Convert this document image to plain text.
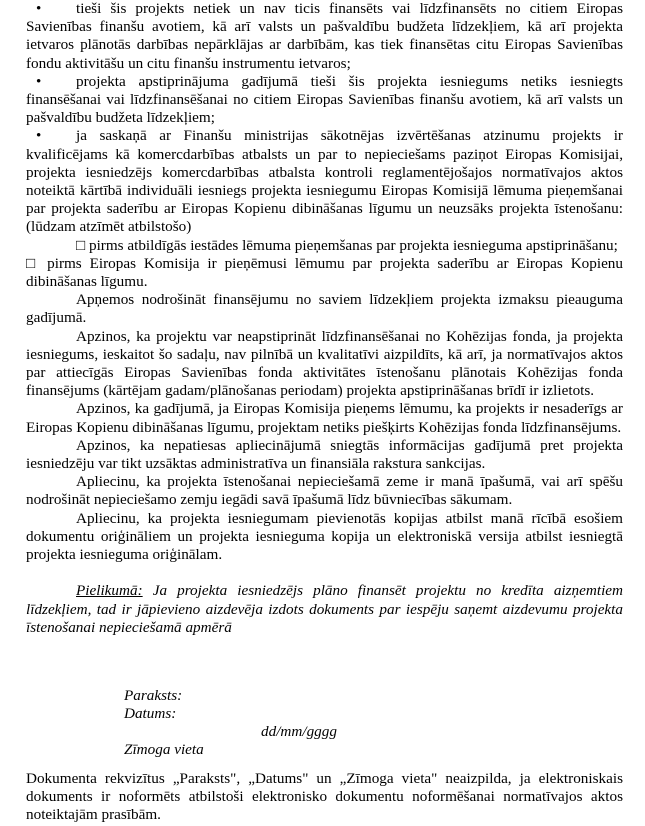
• tieši šis projekts netiek un nav ticis finansēts vai līdzfinansēts no citiem Eiropas Savienības finanšu avotiem, kā arī valsts un pašvaldību budžeta līdzekļiem, kā arī projekta ietvaros plānotās darbības nepārklājas ar darbībām, kas tiek finansētas citu Eiropas Savienības fondu aktivitāšu un citu finanšu instrumentu ietvaros;

• projekta apstiprinājuma gadījumā tieši šis projekta iesniegums netiks iesniegts finansēšanai vai līdzfinansēšanai no citiem Eiropas Savienības finanšu avotiem, kā arī valsts un pašvaldību budžeta līdzekļiem;

• ja saskaņā ar Finanšu ministrijas sākotnējas izvērtēšanas atzinumu projekts ir kvalificējams kā komercdarbības atbalsts un par to nepieciešams paziņot Eiropas Komisijai, projekta iesniedzējs komercdarbības atbalsta kontroli reglamentējošajos normatīvajos aktos noteiktā kārtībā individuāli iesniegs projekta iesniegumu Eiropas Komisijā lēmuma pieņemšanai par projekta saderību ar Eiropas Kopienu dibināšanas līgumu un neuzsāks projekta īstenošanu: (lūdzam atzīmēt atbilstošo)

□ pirms atbildīgās iestādes lēmuma pieņemšanas par projekta iesnieguma apstiprināšanu;

□ pirms Eiropas Komisija ir pieņēmusi lēmumu par projekta saderību ar Eiropas Kopienu dibināšanas līgumu.

Apņemos nodrošināt finansējumu no saviem līdzekļiem projekta izmaksu pieauguma gadījumā.

Apzinos, ka projektu var neapstiprināt līdzfinansēšanai no Kohēzijas fonda, ja projekta iesniegums, ieskaitot šo sadaļu, nav pilnībā un kvalitatīvi aizpildīts, kā arī, ja normatīvajos aktos par attiecīgās Eiropas Savienības fonda aktivitātes īstenošanu plānotais Kohēzijas fonda finansējums (kārtējam gadam/plānošanas periodam) projekta apstiprināšanas brīdī ir izlietots.

Apzinos, ka gadījumā, ja Eiropas Komisija pieņems lēmumu, ka projekts ir nesaderīgs ar Eiropas Kopienu dibināšanas līgumu, projektam netiks piešķirts Kohēzijas fonda līdzfinansējums.

Apzinos, ka nepatiesas apliecinājumā sniegtās informācijas gadījumā pret projekta iesniedzēju var tikt uzsāktas administratīva un finansiāla rakstura sankcijas.

Apliecinu, ka projekta īstenošanai nepieciešamā zeme ir manā īpašumā, vai arī spēšu nodrošināt nepieciešamo zemju iegādi savā īpašumā līdz būvniecības sākumam.

Apliecinu, ka projekta iesniegumam pievienotās kopijas atbilst manā rīcībā esošiem dokumentu oriģināliem un projekta iesnieguma kopija un elektroniskā versija atbilst iesniegtā projekta iesnieguma oriģinālam.

Pielikumā: Ja projekta iesniedzējs plāno finansēt projektu no kredīta aizņemtiem līdzekļiem, tad ir jāpievieno aizdevēja izdots dokuments par iespēju saņemt aizdevumu projekta īstenošanai nepieciešamā apmērā

Paraksts:
Datums:
dd/mm/gggg
Zīmoga vieta

Dokumenta rekvizītus „Paraksts", „Datums" un „Zīmoga vieta" neaizpilda, ja elektroniskais dokuments ir noformēts atbilstoši elektronisko dokumentu noformēšanai normatīvajos aktos noteiktajām prasībām.
